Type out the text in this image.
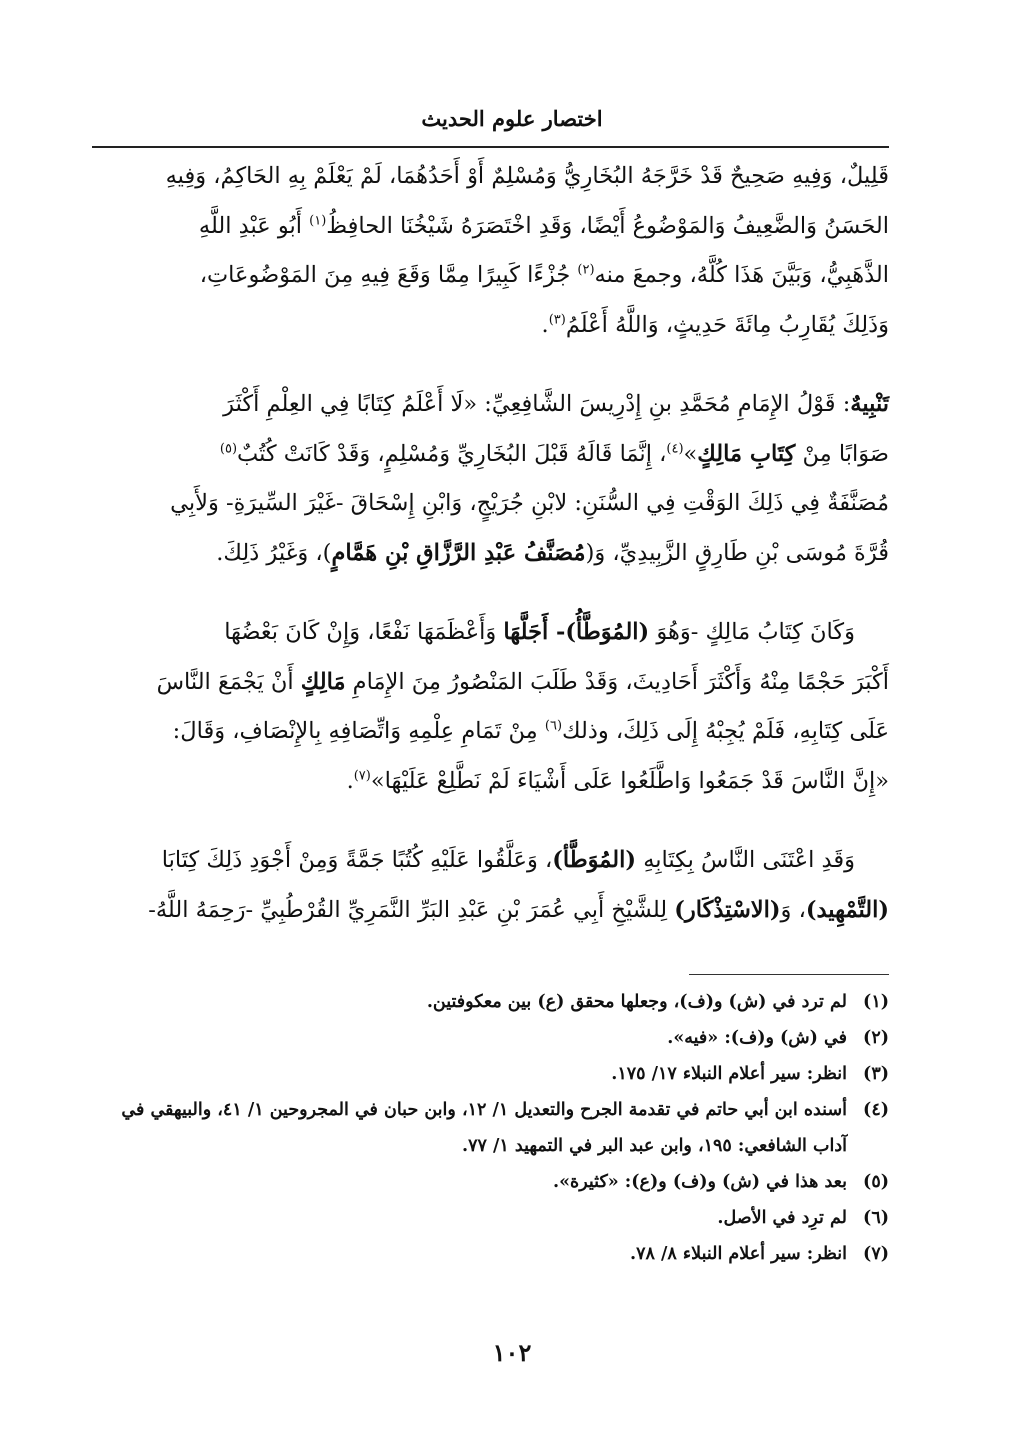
اختصار علوم الحديث

قَلِيلٌ، وَفِيهِ صَحِيحٌ قَدْ خَرَّجَهُ البُخَارِيُّ وَمُسْلِمٌ أَوْ أَحَدُهُمَا، لَمْ يَعْلَمْ بِهِ الحَاكِمُ، وَفِيهِ
الحَسَنُ وَالضَّعِيفُ وَالمَوْضُوعُ أَيْضًا، وَقَدِ اخْتَصَرَهُ شَيْخُنَا الحافِظُ$^{(١)}$ أَبُو عَبْدِ اللَّهِ
الذَّهَبِيُّ، وَبَيَّنَ هَذَا كُلَّهُ، وجمعَ منه$^{(٢)}$ جُزْءًا كَبِيرًا مِمَّا وَقَعَ فِيهِ مِنَ المَوْضُوعَاتِ،
وَذَلِكَ يُقَارِبُ مِائَةَ حَدِيثٍ، وَاللَّهُ أَعْلَمُ$^{(٣)}$.

تَنْبِيهٌ: قَوْلُ الإِمَامِ مُحَمَّدِ بنِ إِدْرِيسَ الشَّافِعِيِّ: «لَا أَعْلَمُ كِتَابًا فِي العِلْمِ أَكْثَرَ
صَوَابًا مِنْ كِتَابِ مَالِكٍ»$^{(٤)}$، إِنَّمَا قَالَهُ قَبْلَ البُخَارِيِّ وَمُسْلِمٍ، وَقَدْ كَانَتْ كُتُبٌ$^{(٥)}$
مُصَنَّفَةٌ فِي ذَلِكَ الوَقْتِ فِي السُّنَنِ: لابْنِ جُرَيْجٍ، وَابْنِ إِسْحَاقَ -غَيْرَ السِّيرَةِ- وَلأَبِي
قُرَّةَ مُوسَى بْنِ طَارِقٍ الزَّبِيدِيِّ، وَ(مُصَنَّفُ عَبْدِ الرَّزَّاقِ بْنِ هَمَّامٍ)، وَغَيْرُ ذَلِكَ.

وَكَانَ كِتَابُ مَالِكٍ -وَهُوَ (المُوَطَّأُ)- أَجَلَّهَا وَأَعْظَمَهَا نَفْعًا، وَإِنْ كَانَ بَعْضُهَا
أَكْبَرَ حَجْمًا مِنْهُ وَأَكْثَرَ أَحَادِيثَ، وَقَدْ طَلَبَ المَنْصُورُ مِنَ الإِمَامِ مَالِكٍ أَنْ يَجْمَعَ النَّاسَ
عَلَى كِتَابِهِ، فَلَمْ يُجِبْهُ إِلَى ذَلِكَ، وذلك$^{(٦)}$ مِنْ تَمَامِ عِلْمِهِ وَاتِّصَافِهِ بِالإِنْصَافِ، وَقَالَ:
«إِنَّ النَّاسَ قَدْ جَمَعُوا وَاطَّلَعُوا عَلَى أَشْيَاءَ لَمْ نَطَّلِعْ عَلَيْهَا»$^{(٧)}$.

وَقَدِ اعْتَنَى النَّاسُ بِكِتَابِهِ (المُوَطَّأ)، وَعَلَّقُوا عَلَيْهِ كُتُبًا جَمَّةً وَمِنْ أَجْوَدِ ذَلِكَ كِتَابَا
(التَّمْهِيد)، وَ(الاسْتِذْكَار) لِلشَّيْخِ أَبِي عُمَرَ بْنِ عَبْدِ البَرِّ النَّمَرِيِّ القُرْطُبِيِّ -رَحِمَهُ اللَّهُ-

(١)
لم ترد في (ش) و(ف)، وجعلها محقق (ع) بين معكوفتين.
(٢)
في (ش) و(ف): «فيه».
(٣)
انظر: سير أعلام النبلاء ١٧/ ١٧٥.
(٤)
أسنده ابن أبي حاتم في تقدمة الجرح والتعديل ١/ ١٢، وابن حبان في المجروحين ١/ ٤١، والبيهقي في آداب الشافعي: ١٩٥، وابن عبد البر في التمهيد ١/ ٧٧.
(٥)
بعد هذا في (ش) و(ف) و(ع): «كثيرة».
(٦)
لم ترِد في الأصل.
(٧)
انظر: سير أعلام النبلاء ٨/ ٧٨.
١٠٢
